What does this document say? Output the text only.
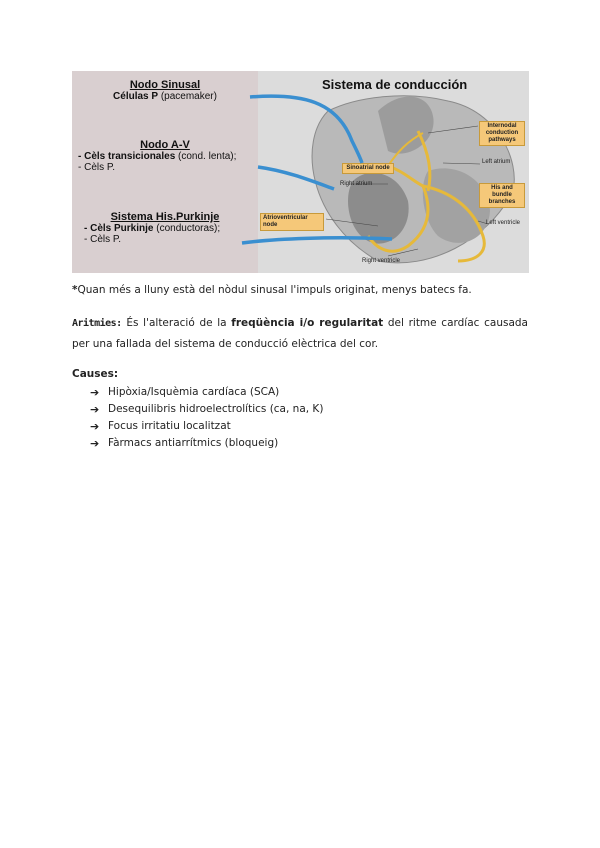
Nodo Sinusal
Células P (pacemaker)
Nodo A-V
- Cèls transicionales (cond. lenta);
- Cèls P.
Sistema His.Purkinje
- Cèls Purkinje (conductoras);
- Cèls P.
Sistema de conducción
Internodal conduction pathways
Sinoatrial node
Atrioventricular node
His and bundle branches
Left atrium
Right atrium
Left ventricle
Right ventricle
*Quan més a lluny està del nòdul sinusal l'impuls originat, menys batecs fa.
Aritmies: És l'alteració de la freqüència i/o regularitat del ritme cardíac causada per una fallada del sistema de conducció elèctrica del cor.
Causes:
➔ Hipòxia/Isquèmia cardíaca (SCA)
➔ Desequilibris hidroelectrolítics (ca, na, K)
➔ Focus irritatiu localitzat
➔ Fàrmacs antiarrítmics (bloqueig)
